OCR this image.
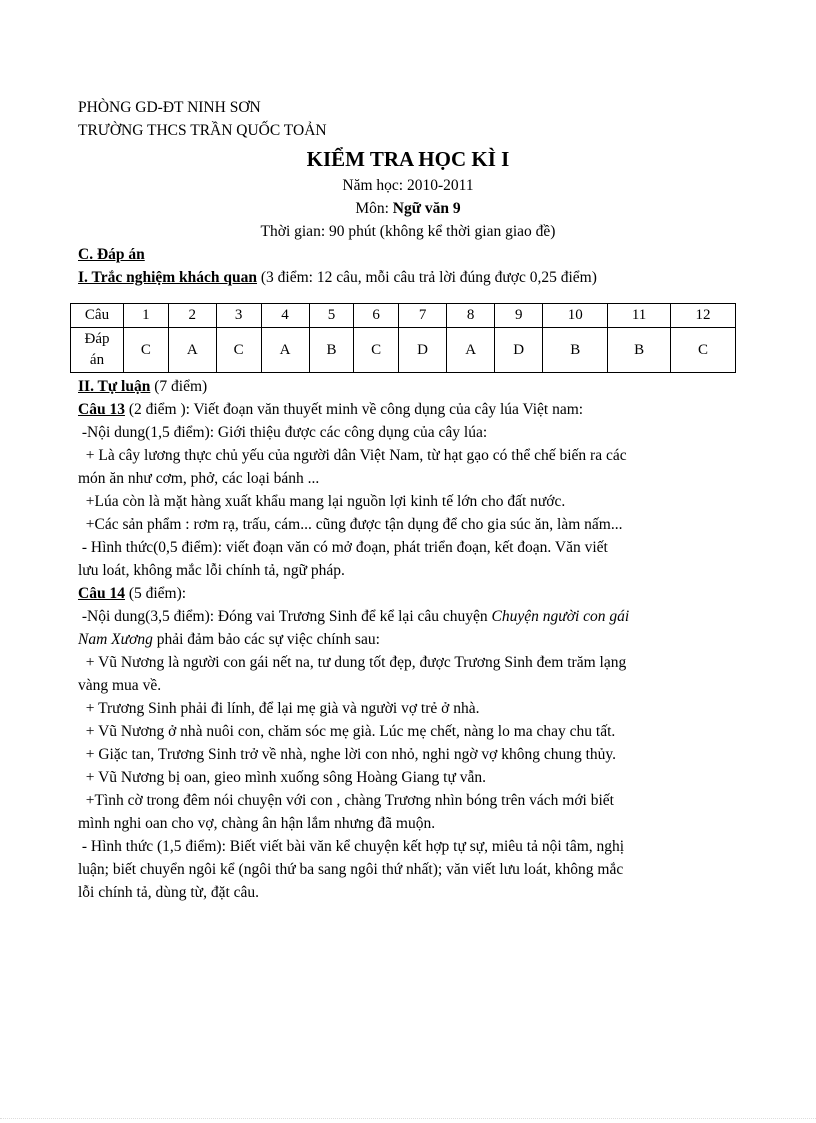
PHÒNG GD-ĐT NINH SƠN
TRƯỜNG THCS TRẦN QUỐC TOẢN
KIỂM TRA HỌC KÌ I
Năm học: 2010-2011
Môn: Ngữ văn 9
Thời gian: 90 phút (không kể thời gian giao đề)
C. Đáp án
I. Trắc nghiệm khách quan (3 điểm: 12 câu, mỗi câu trả lời đúng được 0,25 điểm)
Câu	1	2	3	4	5	6	7	8	9	10	11	12

Đáp
án	C	A	C	A	B	C	D	A	D	B	B	C
II. Tự luận (7 điểm)
Câu 13 (2 điểm ): Viết đoạn văn thuyết minh về công dụng của cây lúa Việt nam:
-Nội dung(1,5 điểm): Giới thiệu được các công dụng của cây lúa:
+ Là cây lương thực chủ yếu của người dân Việt Nam, từ hạt gạo có thể chế biến ra các
món ăn như cơm, phở, các loại bánh ...
+Lúa còn là mặt hàng xuất khẩu mang lại nguồn lợi kinh tế lớn cho đất nước.
+Các sản phẩm : rơm rạ, trấu, cám... cũng được tận dụng để cho gia súc ăn, làm nấm...
- Hình thức(0,5 điểm): viết đoạn văn có mở đoạn, phát triển đoạn, kết đoạn. Văn viết
lưu loát, không mắc lỗi chính tả, ngữ pháp.
Câu 14 (5 điểm):
-Nội dung(3,5 điểm): Đóng vai Trương Sinh để kể lại câu chuyện Chuyện người con gái
Nam Xương phải đảm bảo các sự việc chính sau:
+ Vũ Nương là người con gái nết na, tư dung tốt đẹp, được Trương Sinh đem trăm lạng
vàng mua về.
+ Trương Sinh phải đi lính, để lại mẹ già và người vợ trẻ ở nhà.
+ Vũ Nương ở nhà nuôi con, chăm sóc mẹ già. Lúc mẹ chết, nàng lo ma chay chu tất.
+ Giặc tan, Trương Sinh trở về nhà, nghe lời con nhỏ, nghi ngờ vợ không chung thủy.
+ Vũ Nương bị oan, gieo mình xuống sông Hoàng Giang tự vẫn.
+Tình cờ trong đêm nói chuyện với con , chàng Trương nhìn bóng trên vách mới biết
mình nghi oan cho vợ, chàng ân hận lắm nhưng đã muộn.
- Hình thức (1,5 điểm): Biết viết bài văn kể chuyện kết hợp tự sự, miêu tả nội tâm, nghị
luận; biết chuyển ngôi kể (ngôi thứ ba sang ngôi thứ nhất); văn viết lưu loát, không mắc
lỗi chính tả, dùng từ, đặt câu.
